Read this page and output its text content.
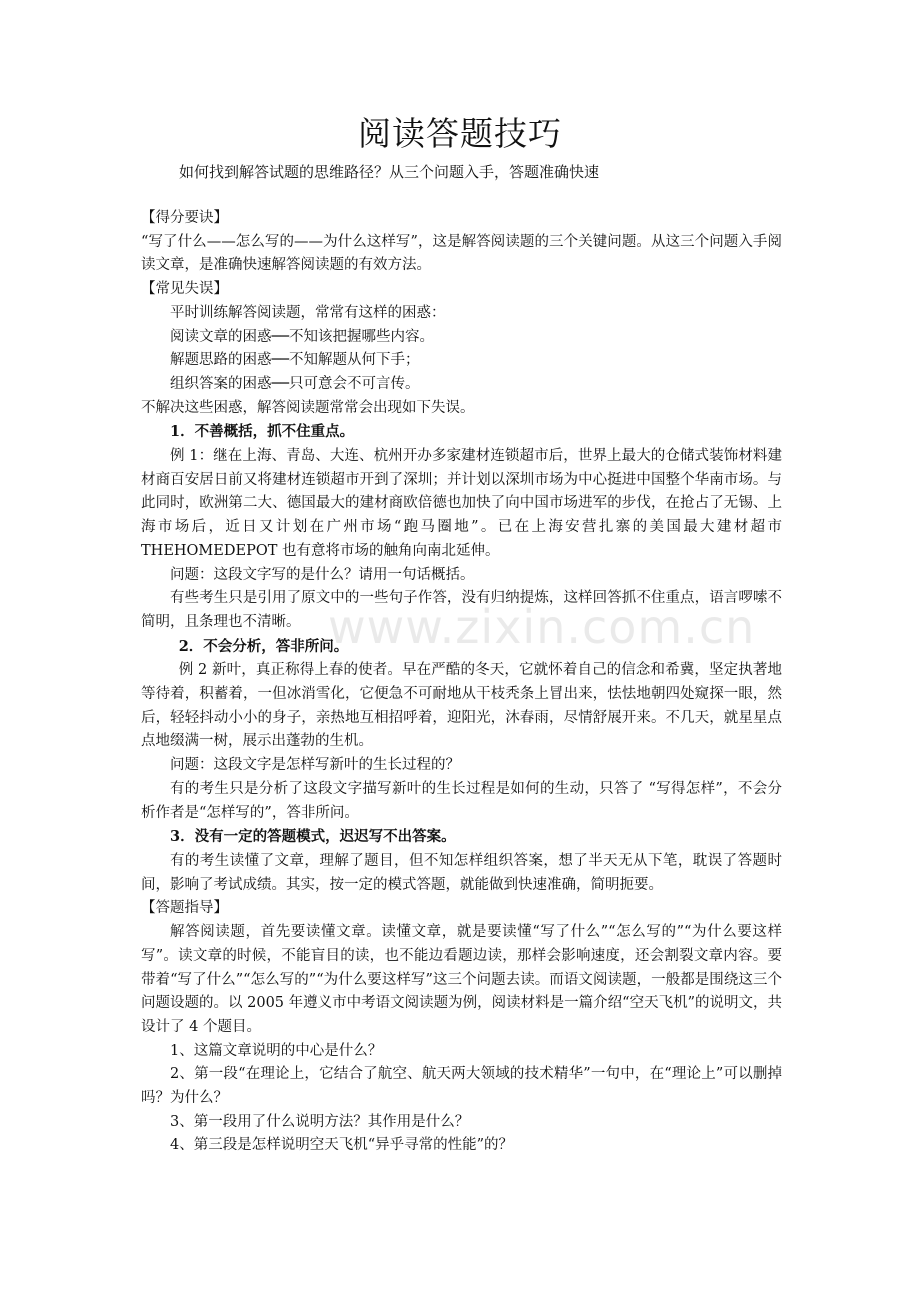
阅读答题技巧
如何找到解答试题的思维路径？从三个问题入手，答题准确快速

【得分要诀】

“写了什么——怎么写的——为什么这样写”，这是解答阅读题的三个关键问题。从这三个问题入手阅读文章，是准确快速解答阅读题的有效方法。

【常见失误】

平时训练解答阅读题，常常有这样的困惑：

阅读文章的困惑──不知该把握哪些内容。

解题思路的困惑──不知解题从何下手；

组织答案的困惑──只可意会不可言传。

不解决这些困惑，解答阅读题常常会出现如下失误。

1．不善概括，抓不住重点。

例 1：继在上海、青岛、大连、杭州开办多家建材连锁超市后，世界上最大的仓储式装饰材料建材商百安居日前又将建材连锁超市开到了深圳；并计划以深圳市场为中心挺进中国整个华南市场。与此同时，欧洲第二大、德国最大的建材商欧倍德也加快了向中国市场进军的步伐，在抢占了无锡、上海市场后，近日又计划在广州市场“跑马圈地”。已在上海安营扎寨的美国最大建材超市 THEHOMEDEPOT 也有意将市场的触角向南北延伸。

问题：这段文字写的是什么？请用一句话概括。

有些考生只是引用了原文中的一些句子作答，没有归纳提炼，这样回答抓不住重点，语言啰嗦不简明，且条理也不清晰。

2．不会分析，答非所问。

例 2 新叶，真正称得上春的使者。早在严酷的冬天，它就怀着自己的信念和希冀，坚定执著地等待着，积蓄着，一但冰消雪化，它便急不可耐地从干枝秃条上冒出来，怯怯地朝四处窥探一眼，然后，轻轻抖动小小的身子，亲热地互相招呼着，迎阳光，沐春雨，尽情舒展开来。不几天，就星星点点地缀满一树，展示出蓬勃的生机。

问题：这段文字是怎样写新叶的生长过程的？

有的考生只是分析了这段文字描写新叶的生长过程是如何的生动，只答了 “写得怎样”，不会分析作者是“怎样写的”，答非所问。

3．没有一定的答题模式，迟迟写不出答案。

有的考生读懂了文章，理解了题目，但不知怎样组织答案，想了半天无从下笔，耽误了答题时间，影响了考试成绩。其实，按一定的模式答题，就能做到快速准确，简明扼要。

【答题指导】

解答阅读题，首先要读懂文章。读懂文章，就是要读懂“写了什么”“怎么写的”“为什么要这样写”。读文章的时候，不能盲目的读，也不能边看题边读，那样会影响速度，还会割裂文章内容。要带着“写了什么”“怎么写的”“为什么要这样写”这三个问题去读。而语文阅读题，一般都是围绕这三个问题设题的。以 2005 年遵义市中考语文阅读题为例，阅读材料是一篇介绍“空天飞机”的说明文，共设计了 4 个题目。

1、这篇文章说明的中心是什么？

2、第一段“在理论上，它结合了航空、航天两大领域的技术精华”一句中，在“理论上”可以删掉吗？为什么？

3、第一段用了什么说明方法？其作用是什么？

4、第三段是怎样说明空天飞机“异乎寻常的性能”的？

www.zixin.com.cn
